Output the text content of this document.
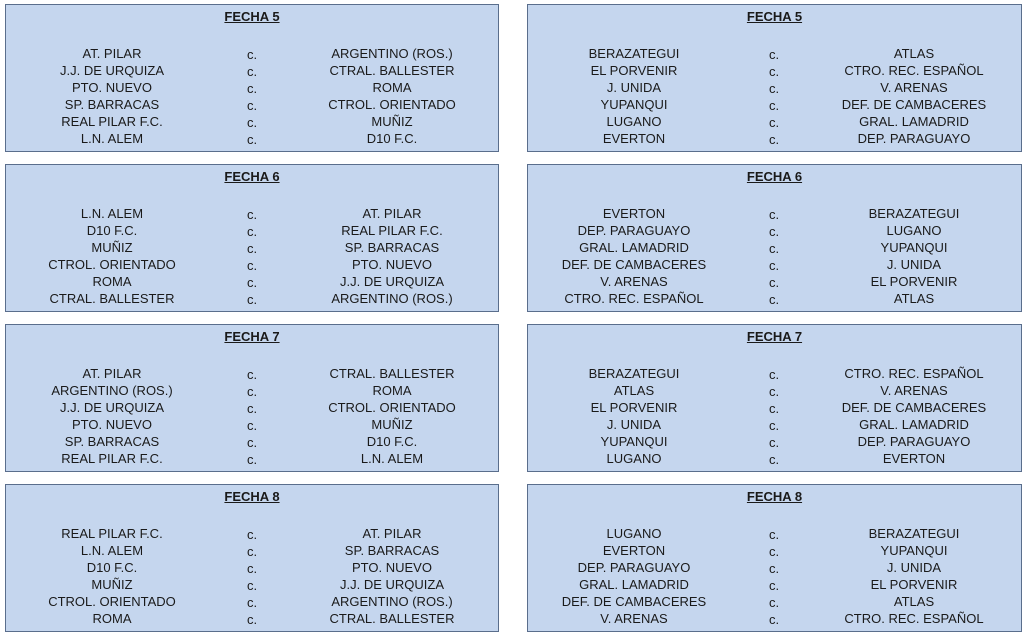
FECHA 5
AT. PILAR	c.	ARGENTINO (ROS.)
J.J. DE URQUIZA	c.	CTRAL. BALLESTER
PTO. NUEVO	c.	ROMA
SP. BARRACAS	c.	CTROL. ORIENTADO
REAL PILAR F.C.	c.	MUÑIZ
L.N. ALEM	c.	D10 F.C.
FECHA 6
L.N. ALEM	c.	AT. PILAR
D10 F.C.	c.	REAL PILAR F.C.
MUÑIZ	c.	SP. BARRACAS
CTROL. ORIENTADO	c.	PTO. NUEVO
ROMA	c.	J.J. DE URQUIZA
CTRAL. BALLESTER	c.	ARGENTINO (ROS.)
FECHA 7
AT. PILAR	c.	CTRAL. BALLESTER
ARGENTINO (ROS.)	c.	ROMA
J.J. DE URQUIZA	c.	CTROL. ORIENTADO
PTO. NUEVO	c.	MUÑIZ
SP. BARRACAS	c.	D10 F.C.
REAL PILAR F.C.	c.	L.N. ALEM
FECHA 8
REAL PILAR F.C.	c.	AT. PILAR
L.N. ALEM	c.	SP. BARRACAS
D10 F.C.	c.	PTO. NUEVO
MUÑIZ	c.	J.J. DE URQUIZA
CTROL. ORIENTADO	c.	ARGENTINO (ROS.)
ROMA	c.	CTRAL. BALLESTER
FECHA 5
BERAZATEGUI	c.	ATLAS
EL PORVENIR	c.	CTRO. REC. ESPAÑOL
J. UNIDA	c.	V. ARENAS
YUPANQUI	c.	DEF. DE CAMBACERES
LUGANO	c.	GRAL. LAMADRID
EVERTON	c.	DEP. PARAGUAYO
FECHA 6
EVERTON	c.	BERAZATEGUI
DEP. PARAGUAYO	c.	LUGANO
GRAL. LAMADRID	c.	YUPANQUI
DEF. DE CAMBACERES	c.	J. UNIDA
V. ARENAS	c.	EL PORVENIR
CTRO. REC. ESPAÑOL	c.	ATLAS
FECHA 7
BERAZATEGUI	c.	CTRO. REC. ESPAÑOL
ATLAS	c.	V. ARENAS
EL PORVENIR	c.	DEF. DE CAMBACERES
J. UNIDA	c.	GRAL. LAMADRID
YUPANQUI	c.	DEP. PARAGUAYO
LUGANO	c.	EVERTON
FECHA 8
LUGANO	c.	BERAZATEGUI
EVERTON	c.	YUPANQUI
DEP. PARAGUAYO	c.	J. UNIDA
GRAL. LAMADRID	c.	EL PORVENIR
DEF. DE CAMBACERES	c.	ATLAS
V. ARENAS	c.	CTRO. REC. ESPAÑOL
